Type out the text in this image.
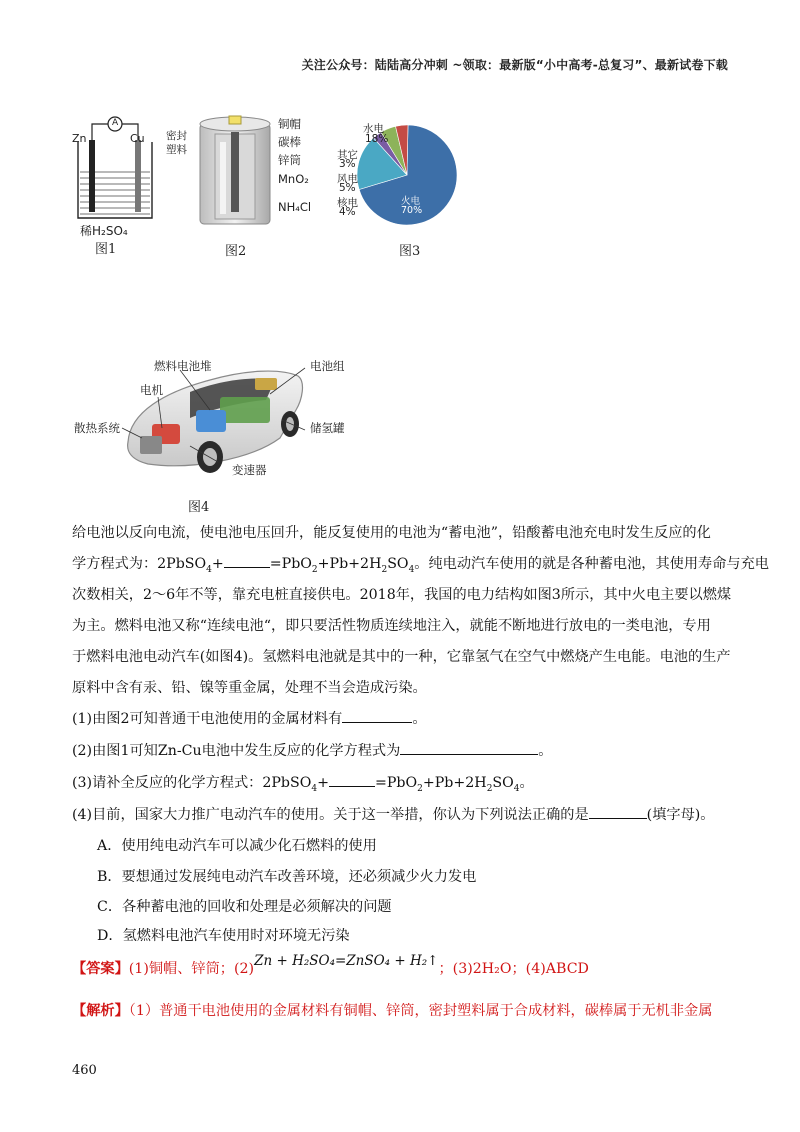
关注公众号：陆陆高分冲刺 ~领取：最新版“小中高考-总复习”、最新试卷下载
A
Zn	Cu
稀H₂SO₄
图1
密封
塑料
铜帽
碳棒
锌筒
MnO₂
NH₄Cl
图2
水电
18%
其它
3%
风电
5%
核电
4%
火电
70%
图3
燃料电池堆	电池组
电机
散热系统	储氢罐
变速器
图4
给电池以反向电流，使电池电压回升，能反复使用的电池为“蓄电池”，铅酸蓄电池充电时发生反应的化
学方程式为：2PbSO$_4$+	$=PbO_2+Pb+2H_2SO_4$。纯电动汽车使用的就是各种蓄电池，其使用寿命与充电
次数相关，2～6年不等，靠充电桩直接供电。2018年，我国的电力结构如图3所示，其中火电主要以燃煤
为主。燃料电池又称“连续电池“，即只要活性物质连续地注入，就能不断地进行放电的一类电池，专用
于燃料电池电动汽车(如图4)。氢燃料电池就是其中的一种，它靠氢气在空气中燃烧产生电能。电池的生产
原料中含有汞、铅、镍等重金属，处理不当会造成污染。
(1)由图2可知普通干电池使用的金属材料有	。
(2)由图1可知Zn-Cu电池中发生反应的化学方程式为	。
(3)请补全反应的化学方程式：2PbSO$_4$+	$=PbO_2+Pb+2H_2SO_4$。
(4)目前，国家大力推广电动汽车的使用。关于这一举措，你认为下列说法正确的是	(填字母)。
A．使用纯电动汽车可以减少化石燃料的使用
B．要想通过发展纯电动汽车改善环境，还必须减少火力发电
C．各种蓄电池的回收和处理是必须解决的问题
D．氢燃料电池汽车使用时对环境无污染
【答案】(1)铜帽、锌筒；(2)Zn + H₂SO₄=ZnSO₄ + H₂↑；(3)2H₂O；(4)ABCD
【解析】（1）普通干电池使用的金属材料有铜帽、锌筒，密封塑料属于合成材料，碳棒属于无机非金属
460
